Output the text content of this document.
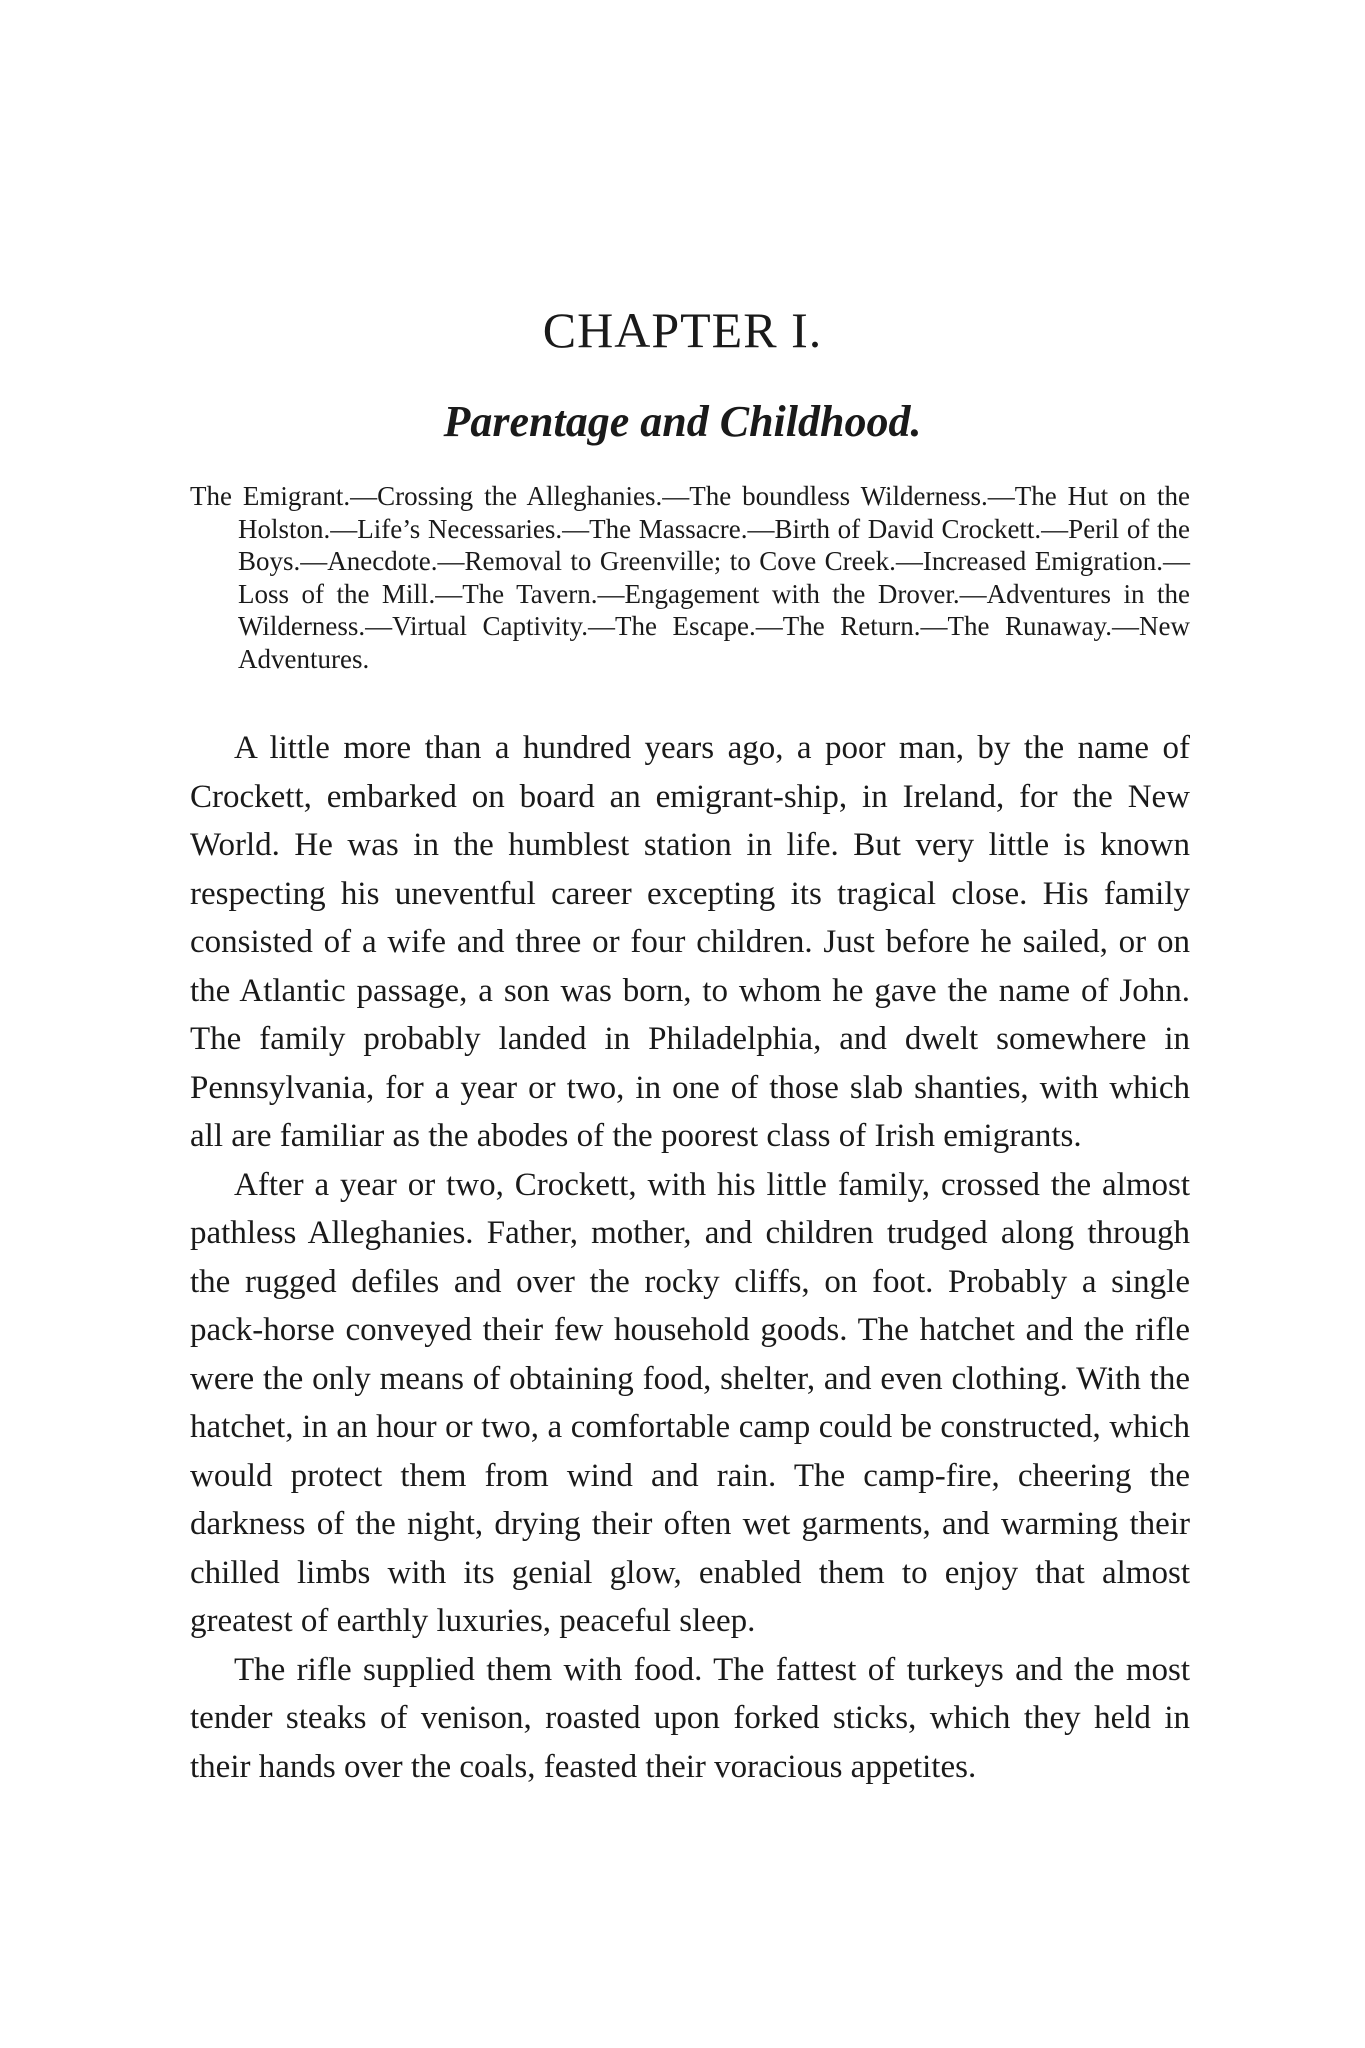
CHAPTER I.
Parentage and Childhood.

The Emigrant.—Crossing the Alleghanies.—The boundless Wilderness.—The Hut on the Holston.—Life’s Necessaries.—The Massacre.—Birth of David Crockett.—Peril of the Boys.—Anecdote.—Removal to Greenville; to Cove Creek.—Increased Emigration.—Loss of the Mill.—The Tavern.—Engagement with the Drover.—Adventures in the Wilderness.—Virtual Captivity.—The Escape.—The Return.—The Runaway.—New Adventures.

A little more than a hundred years ago, a poor man, by the name of Crockett, embarked on board an emigrant-ship, in Ireland, for the New World. He was in the humblest station in life. But very little is known respecting his uneventful career excepting its tragical close. His family consisted of a wife and three or four children. Just before he sailed, or on the Atlantic passage, a son was born, to whom he gave the name of John. The family probably landed in Philadelphia, and dwelt somewhere in Pennsylvania, for a year or two, in one of those slab shanties, with which all are familiar as the abodes of the poorest class of Irish emigrants.

After a year or two, Crockett, with his little family, crossed the almost pathless Alleghanies. Father, mother, and children trudged along through the rugged defiles and over the rocky cliffs, on foot. Probably a single pack-horse conveyed their few household goods. The hatchet and the rifle were the only means of obtaining food, shelter, and even clothing. With the hatchet, in an hour or two, a comfortable camp could be constructed, which would protect them from wind and rain. The camp-fire, cheering the darkness of the night, drying their often wet garments, and warming their chilled limbs with its genial glow, enabled them to enjoy that almost greatest of earthly luxuries, peaceful sleep.

The rifle supplied them with food. The fattest of turkeys and the most tender steaks of venison, roasted upon forked sticks, which they held in their hands over the coals, feasted their voracious appetites.
